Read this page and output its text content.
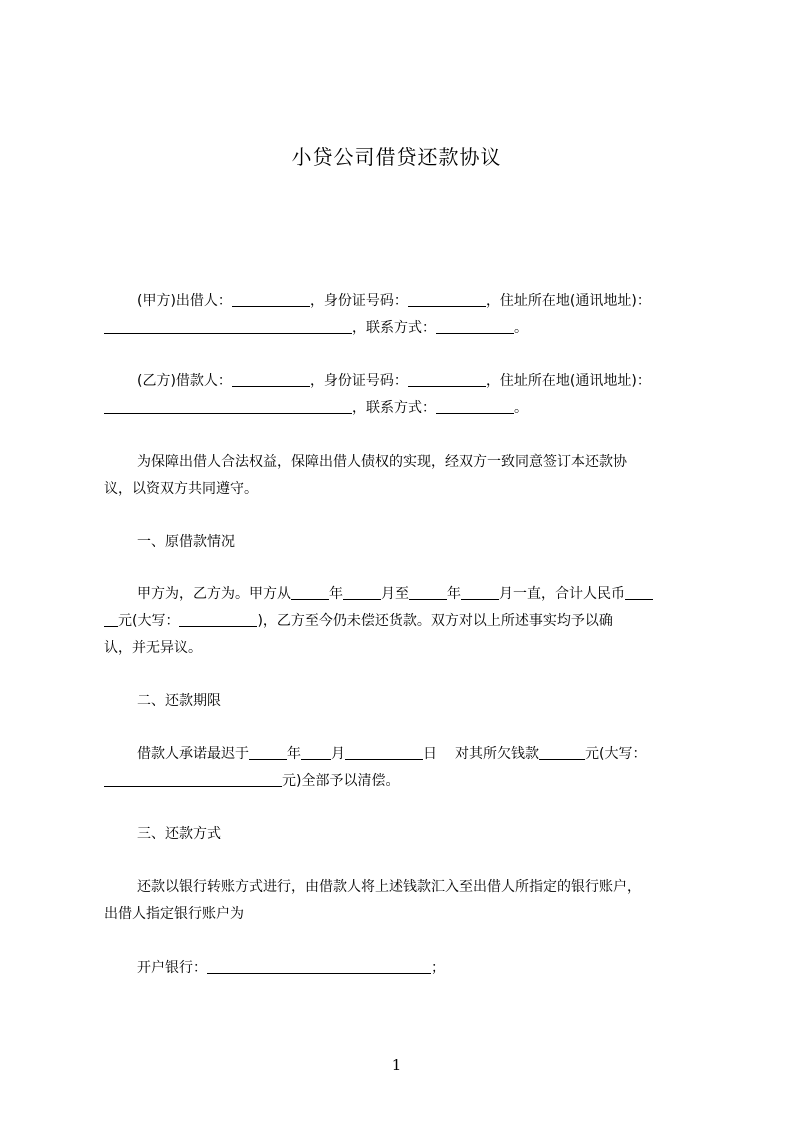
小贷公司借贷还款协议
(甲方)出借人：	，身份证号码：	，住址所在地(通讯地址)：
，联系方式：	。
(乙方)借款人：	，身份证号码：	，住址所在地(通讯地址)：
，联系方式：	。
为保障出借人合法权益，保障出借人债权的实现，经双方一致同意签订本还款协
议，以资双方共同遵守。
一、原借款情况
甲方为，乙方为。甲方从	年	月至	年	月一直，合计人民币
元(大写：	)，乙方至今仍未偿还货款。双方对以上所述事实均予以确
认，并无异议。
二、还款期限
借款人承诺最迟于	年 月	日 对其所欠钱款	元(大写：
元)全部予以清偿。
三、还款方式
还款以银行转账方式进行，由借款人将上述钱款汇入至出借人所指定的银行账户，
出借人指定银行账户为
开户银行：	；
1
